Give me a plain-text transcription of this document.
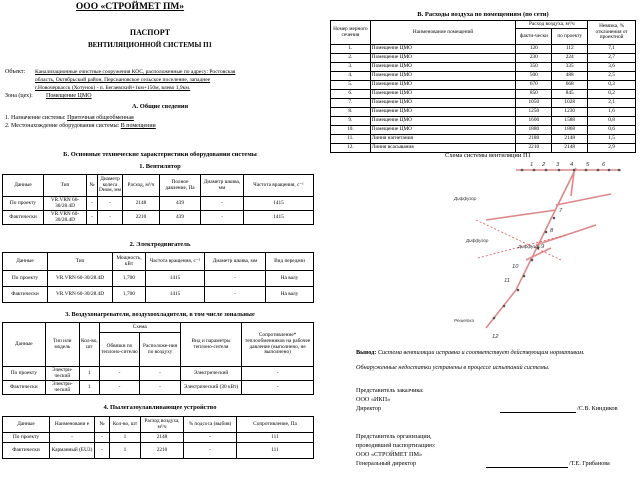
ООО «СТРОЙМЕТ ПМ»
ПАСПОРТ
ВЕНТИЛЯЦИОННОЙ СИСТЕМЫ П1
Объект: Канализационные очистные сооружения КОС, расположенные по адресу: Ростовская
область, Октябрьский район, Персиановское сельское поселение, западнее
г.Новочеркасск (Хотунок) - п. Бегаевский+1км+150м, влево 1,9км.
Зона (цех): Помещение ЦМО
А. Общие сведения
1. Назначение системы: Приточная общеобменная
2. Местонахождение оборудования системы: В помещении
Б. Основные технические характеристики оборудования системы
1. Вентилятор
Данные	Тип	№	Диаметр колеса Dном, мм	Расход, м³/ч	Полное давление, Па	Диаметр шкива, мм	Частота вращения, с⁻¹
По проекту	VR.VRN 60-30/28.4D	-	-	2148	439	-	1415
Фактически	VR.VRN 60-30/28.4D	-	-	2210	439	-	1415
2. Электродвигатель
Данные	Тип	Мощность, кВт	Частота вращения, с⁻¹	Диаметр шкива, мм	Вид передачи
По проекту	VR.VRN 60-30/28.4D	1,700	1415	-	На валу
Фактически	VR.VRN 60-30/28.4D	1,700	1415	-	На валу
3. Воздухонагреватели, воздухоохладители, в том числе зональные
Данные	Тип или модель	Кол-во, шт	Схема		Вид и параметры теплоно-сителя	Сопротивление* теплообменников на рабочее давление (выполнено, не выполнено)
			Обвязки по теплоно-сителю	Расположе-ния по воздуху		
По проекту	Электри-ческий	1	-	-	Электрический	-
Фактически	Электри-ческий	1	-	-	Электрический (30 кВт)	-
4. Пылегазоулавливающее устройство
Данные	Наименовани е	№	Кол-во, шт	Расход воздуха, м³/ч	% подсоса (выбив)	Сопротивление, Па
По проекту	-	-	1	2148	-	111
Фактически	Карманный (EU3)	-	1	2210	-	111
В. Расходы воздуха по помещениям (по сети)
Номер мерного сечения	Наименование помещений	Расход воздуха, м³/ч		Невязка, % отклонения от проектной
		факти-чески	по проекту	
1.	Помещение ЦМО	120	112	7,1
2.	Помещение ЦМО	230	224	2,7
3.	Помещение ЦМО	350	335	3,6
4.	Помещение ЦМО	500	488	2,5
5.	Помещение ЦМО	670	668	0,3
6.	Помещение ЦМО	850	845	0,2
7.	Помещение ЦМО	1050	1028	2,1
8.	Помещение ЦМО	1250	1230	1,6
9.	Помещение ЦМО	1600	1588	0,8
10.	Помещение ЦМО	1880	1868	0,6
11.	Линия нагнетания	2180	2148	1,5
12.	Линия всасывания	2210	2148	2,9
Схема системы вентиляции П1
1 2 3 4 5 6
7
8
9
10
11
12
Диффузор
Диффузор
Диффузор
Решетка
Вывод: Система вентиляции исправна и соответствует действующим нормативам.
Обнаруженные недостатки устранены в процессе испытаний системы.
Представитель заказчика:
ООО «ИКП»
Директор	/С.В. Киндиков
Представитель организации,
проводившей паспортизацию:
ООО «СТРОЙМЕТ ПМ»
Генеральный директор	/Т.Е. Грибанова
